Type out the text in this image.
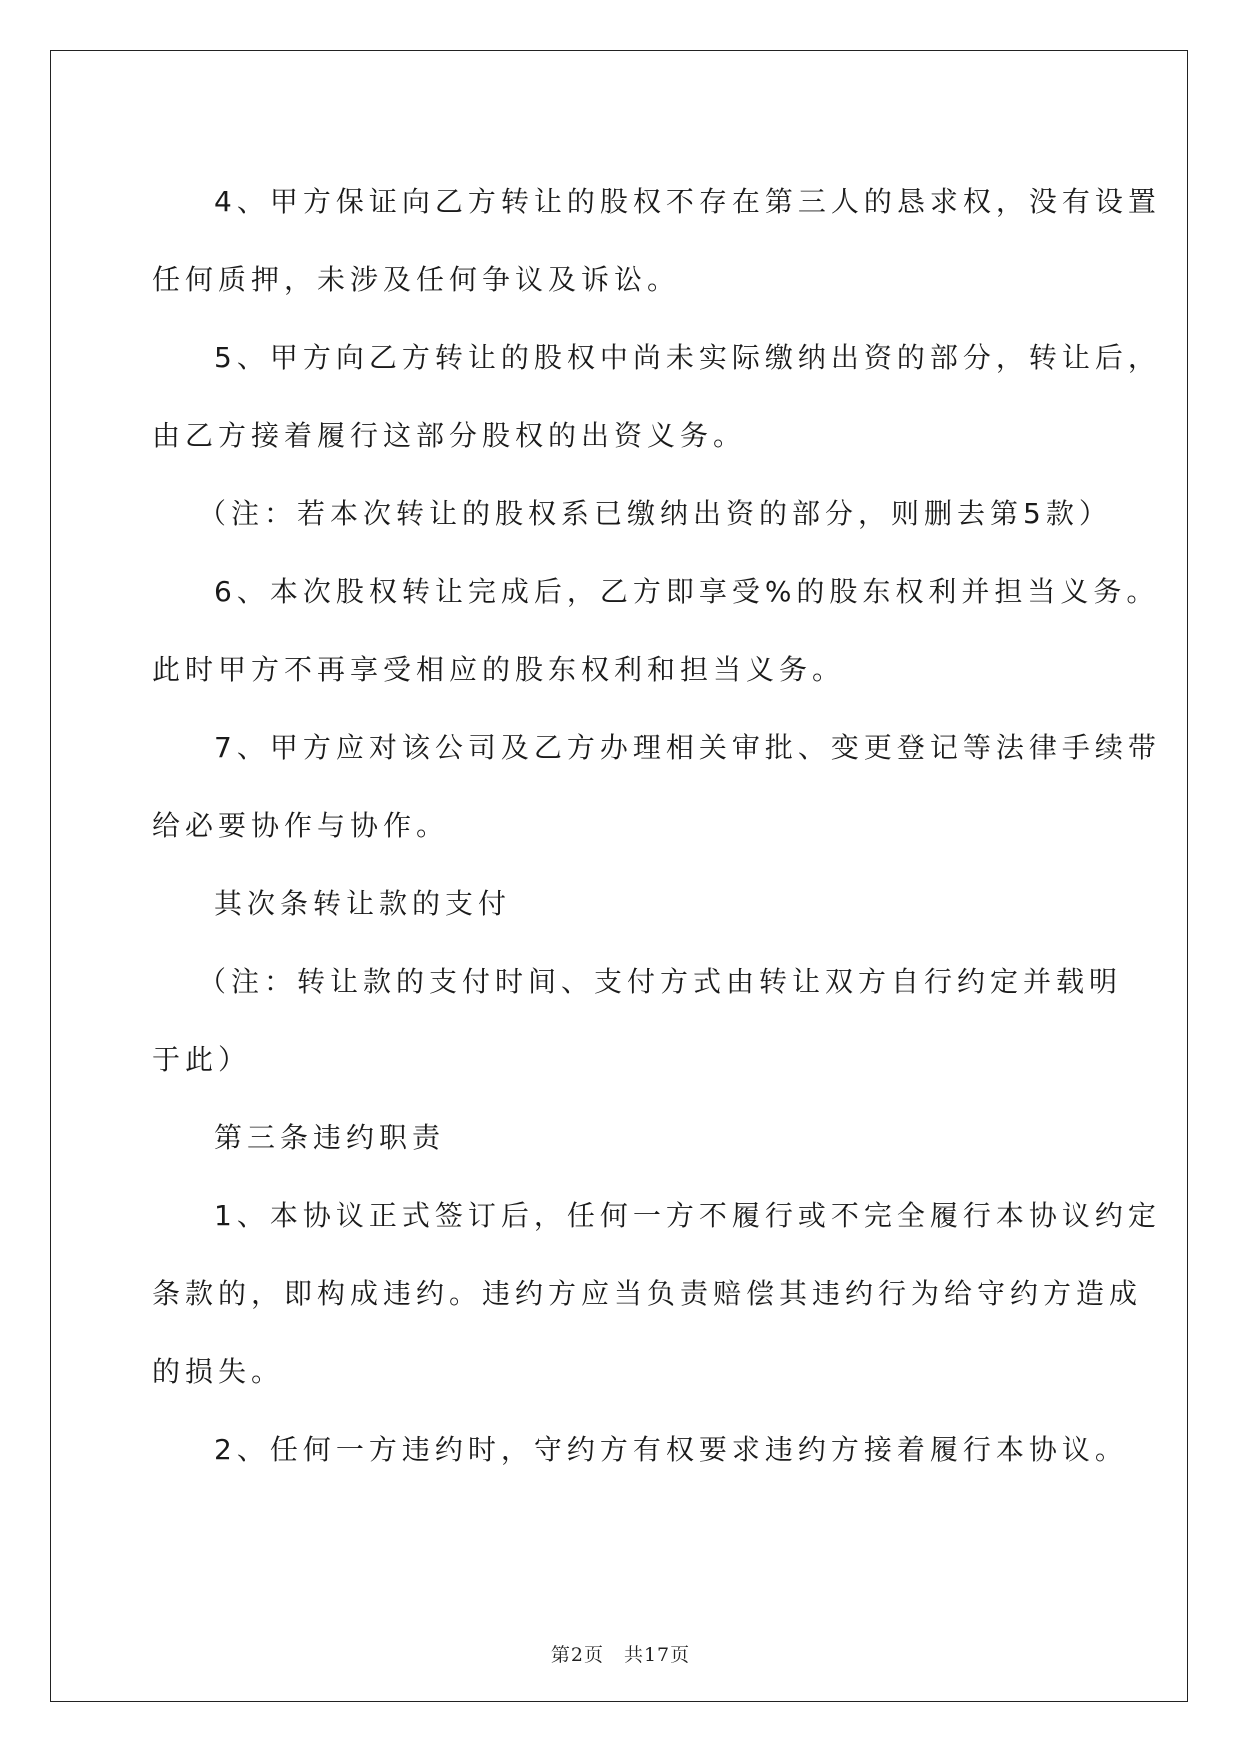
4、甲方保证向乙方转让的股权不存在第三人的恳求权，没有设置

任何质押，未涉及任何争议及诉讼。

5、甲方向乙方转让的股权中尚未实际缴纳出资的部分，转让后，

由乙方接着履行这部分股权的出资义务。

（注：若本次转让的股权系已缴纳出资的部分，则删去第5款）

6、本次股权转让完成后，乙方即享受%的股东权利并担当义务。

此时甲方不再享受相应的股东权利和担当义务。

7、甲方应对该公司及乙方办理相关审批、变更登记等法律手续带

给必要协作与协作。

其次条转让款的支付

（注：转让款的支付时间、支付方式由转让双方自行约定并载明

于此）

第三条违约职责

1、本协议正式签订后，任何一方不履行或不完全履行本协议约定

条款的，即构成违约。违约方应当负责赔偿其违约行为给守约方造成

的损失。

2、任何一方违约时，守约方有权要求违约方接着履行本协议。

第2页　共17页
